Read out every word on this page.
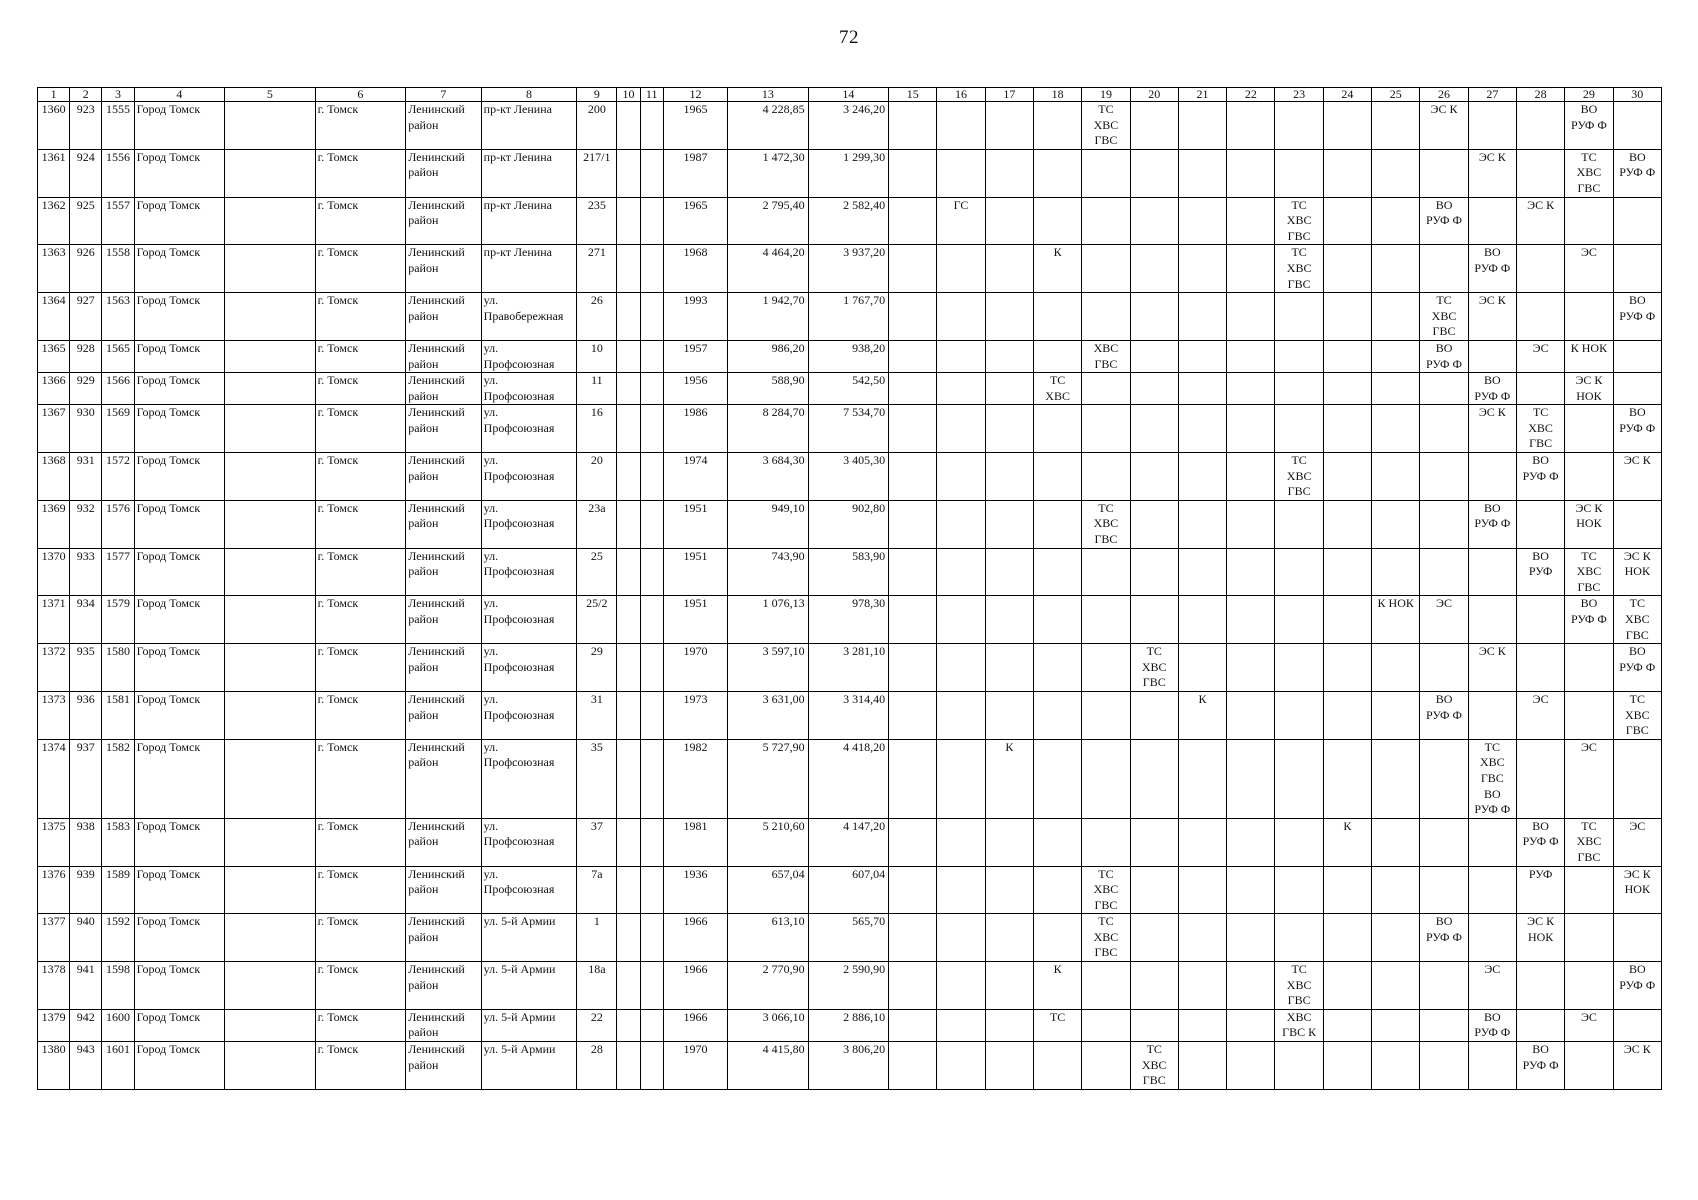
72
1	2	3	4	5	6	7	8	9	10	11	12	13	14	15	16	17	18	19	20	21	22	23	24	25	26	27	28	29	30
1360	923	1555	Город Томск		г. Томск	Ленинский
район	пр-кт Ленина	200			1965	4 228,85	3 246,20					ТС
ХВС
ГВС							ЭС К			ВО
РУФ Ф	
1361	924	1556	Город Томск		г. Томск	Ленинский
район	пр-кт Ленина	217/1			1987	1 472,30	1 299,30													ЭС К		ТС
ХВС
ГВС	ВО
РУФ Ф
1362	925	1557	Город Томск		г. Томск	Ленинский
район	пр-кт Ленина	235			1965	2 795,40	2 582,40		ГС							ТС
ХВС
ГВС			ВО
РУФ Ф		ЭС К		
1363	926	1558	Город Томск		г. Томск	Ленинский
район	пр-кт Ленина	271			1968	4 464,20	3 937,20				К					ТС
ХВС
ГВС				ВО
РУФ Ф		ЭС	
1364	927	1563	Город Томск		г. Томск	Ленинский
район	ул.
Правобережная	26			1993	1 942,70	1 767,70												ТС
ХВС
ГВС	ЭС К			ВО
РУФ Ф
1365	928	1565	Город Томск		г. Томск	Ленинский
район	ул.
Профсоюзная	10			1957	986,20	938,20					ХВС
ГВС							ВО
РУФ Ф		ЭС	К НОК	
1366	929	1566	Город Томск		г. Томск	Ленинский
район	ул.
Профсоюзная	11			1956	588,90	542,50				ТС
ХВС									ВО
РУФ Ф		ЭС К
НОК	
1367	930	1569	Город Томск		г. Томск	Ленинский
район	ул.
Профсоюзная	16			1986	8 284,70	7 534,70													ЭС К	ТС
ХВС
ГВС		ВО
РУФ Ф
1368	931	1572	Город Томск		г. Томск	Ленинский
район	ул.
Профсоюзная	20			1974	3 684,30	3 405,30									ТС
ХВС
ГВС					ВО
РУФ Ф		ЭС К
1369	932	1576	Город Томск		г. Томск	Ленинский
район	ул.
Профсоюзная	23а			1951	949,10	902,80					ТС
ХВС
ГВС								ВО
РУФ Ф		ЭС К
НОК	
1370	933	1577	Город Томск		г. Томск	Ленинский
район	ул.
Профсоюзная	25			1951	743,90	583,90														ВО
РУФ	ТС
ХВС
ГВС	ЭС К
НОК
1371	934	1579	Город Томск		г. Томск	Ленинский
район	ул.
Профсоюзная	25/2			1951	1 076,13	978,30											К НОК	ЭС			ВО
РУФ Ф	ТС
ХВС
ГВС
1372	935	1580	Город Томск		г. Томск	Ленинский
район	ул.
Профсоюзная	29			1970	3 597,10	3 281,10						ТС
ХВС
ГВС							ЭС К			ВО
РУФ Ф
1373	936	1581	Город Томск		г. Томск	Ленинский
район	ул.
Профсоюзная	31			1973	3 631,00	3 314,40							К					ВО
РУФ Ф		ЭС		ТС
ХВС
ГВС
1374	937	1582	Город Томск		г. Томск	Ленинский
район	ул.
Профсоюзная	35			1982	5 727,90	4 418,20			К										ТС
ХВС
ГВС
ВО
РУФ Ф		ЭС	
1375	938	1583	Город Томск		г. Томск	Ленинский
район	ул.
Профсоюзная	37			1981	5 210,60	4 147,20										К				ВО
РУФ Ф	ТС
ХВС
ГВС	ЭС
1376	939	1589	Город Томск		г. Томск	Ленинский
район	ул.
Профсоюзная	7а			1936	657,04	607,04					ТС
ХВС
ГВС									РУФ		ЭС К
НОК
1377	940	1592	Город Томск		г. Томск	Ленинский
район	ул. 5-й Армии	1			1966	613,10	565,70					ТС
ХВС
ГВС							ВО
РУФ Ф		ЭС К
НОК		
1378	941	1598	Город Томск		г. Томск	Ленинский
район	ул. 5-й Армии	18а			1966	2 770,90	2 590,90				К					ТС
ХВС
ГВС				ЭС			ВО
РУФ Ф
1379	942	1600	Город Томск		г. Томск	Ленинский
район	ул. 5-й Армии	22			1966	3 066,10	2 886,10				ТС					ХВС
ГВС К				ВО
РУФ Ф		ЭС	
1380	943	1601	Город Томск		г. Томск	Ленинский
район	ул. 5-й Армии	28			1970	4 415,80	3 806,20						ТС
ХВС
ГВС								ВО
РУФ Ф		ЭС К
